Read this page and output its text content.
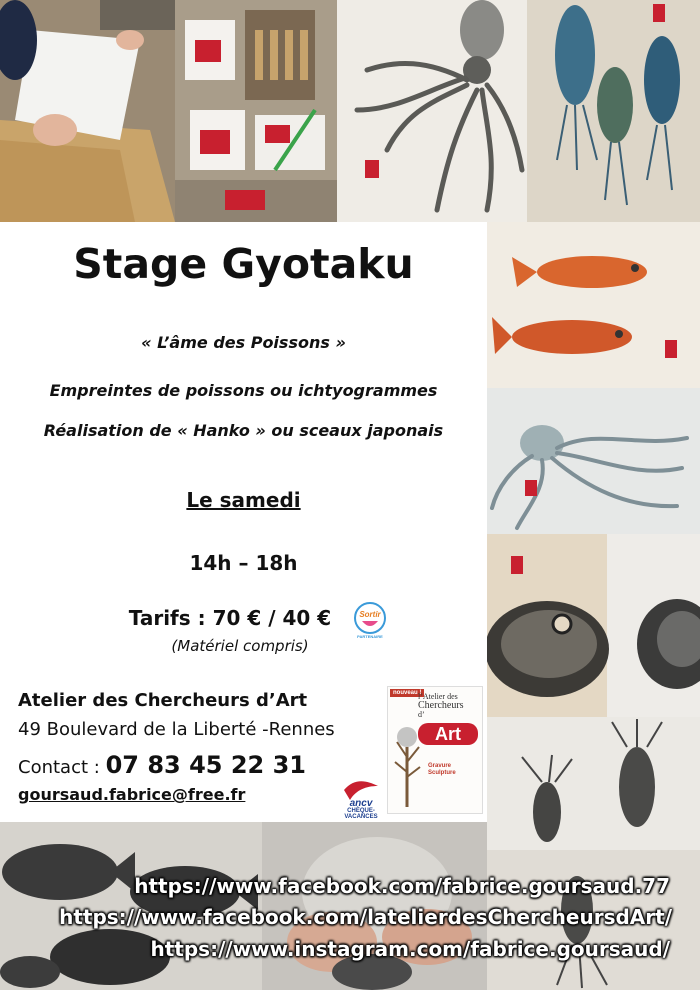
Stage Gyotaku
« L’âme des Poissons »
Empreintes de poissons ou ichtyogrammes
Réalisation de « Hanko » ou sceaux japonais
Le samedi
14h – 18h
Tarifs : 70 € / 40 €
(Matériel compris)
Sortir
PARTENAIRE
Atelier des Chercheurs d’Art
49 Boulevard de la Liberté -Rennes
Contact : 07 83 45 22 31
goursaud.fabrice@free.fr	ancv
CHÈQUE-VACANCES
nouveau !
l’Atelier des
Chercheurs
d’
Art
Gravure
Sculpture
https://www.facebook.com/fabrice.goursaud.77
https://www.facebook.com/latelierdesChercheursdArt/
https://www.instagram.com/fabrice.goursaud/
